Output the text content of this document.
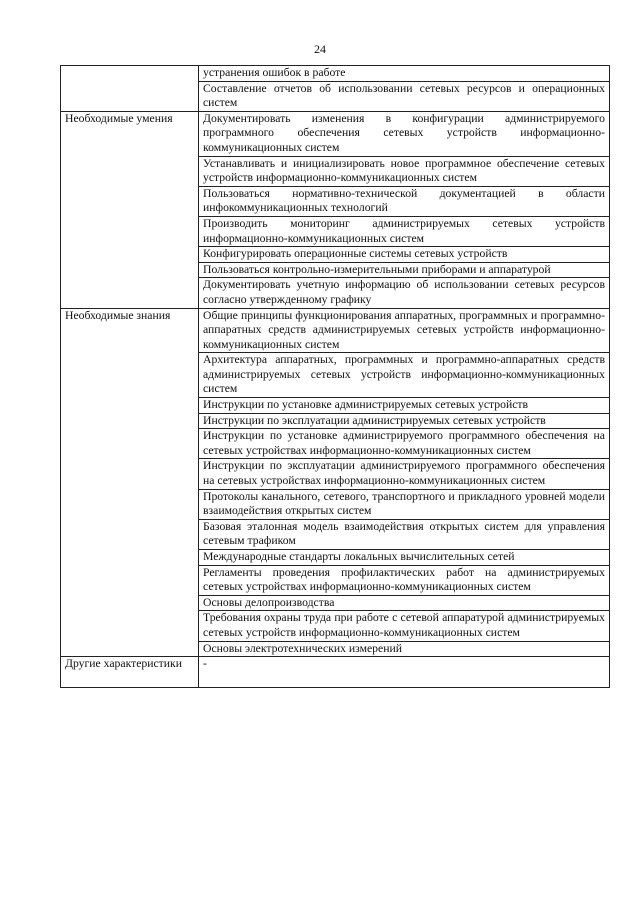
24
	устранения ошибок в работе
	Составление отчетов об использовании сетевых ресурсов и операционных систем
Необходимые умения	Документировать изменения в конфигурации администрируемого программного обеспечения сетевых устройств информационно-коммуникационных систем
	Устанавливать и инициализировать новое программное обеспечение сетевых устройств информационно-коммуникационных систем
	Пользоваться нормативно-технической документацией в области инфокоммуникационных технологий
	Производить мониторинг администрируемых сетевых устройств информационно-коммуникационных систем
	Конфигурировать операционные системы сетевых устройств
	Пользоваться контрольно-измерительными приборами и аппаратурой
	Документировать учетную информацию об использовании сетевых ресурсов согласно утвержденному графику
Необходимые знания	Общие принципы функционирования аппаратных, программных и программно-аппаратных средств администрируемых сетевых устройств информационно-коммуникационных систем
	Архитектура аппаратных, программных и программно-аппаратных средств администрируемых сетевых устройств информационно-коммуникационных систем
	Инструкции по установке администрируемых сетевых устройств
	Инструкции по эксплуатации администрируемых сетевых устройств
	Инструкции по установке администрируемого программного обеспечения на сетевых устройствах информационно-коммуникационных систем
	Инструкции по эксплуатации администрируемого программного обеспечения на сетевых устройствах информационно-коммуникационных систем
	Протоколы канального, сетевого, транспортного и прикладного уровней модели взаимодействия открытых систем
	Базовая эталонная модель взаимодействия открытых систем для управления сетевым трафиком
	Международные стандарты локальных вычислительных сетей
	Регламенты проведения профилактических работ на администрируемых сетевых устройствах информационно-коммуникационных систем
	Основы делопроизводства
	Требования охраны труда при работе с сетевой аппаратурой администрируемых сетевых устройств информационно-коммуникационных систем
	Основы электротехнических измерений
Другие характеристики	-
